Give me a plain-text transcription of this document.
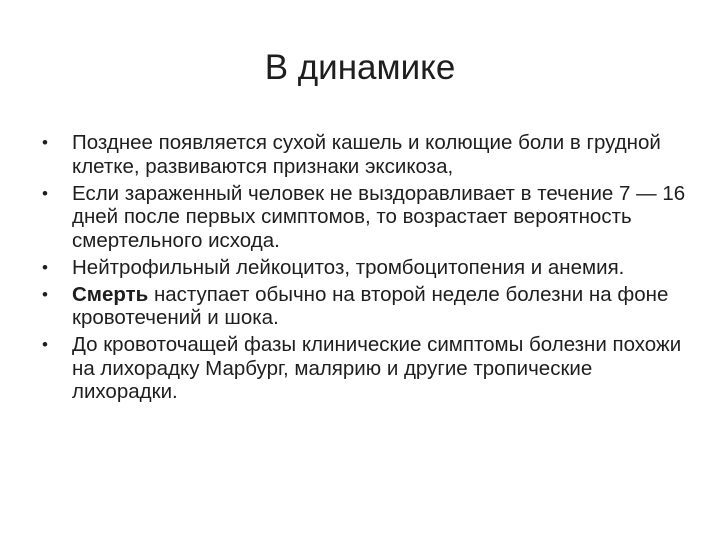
В динамике
•	Позднее появляется сухой кашель и колющие боли в грудной клетке, развиваются признаки эксикоза,
•	Если зараженный человек не выздоравливает в течение 7 — 16 дней после первых симптомов, то возрастает вероятность смертельного исхода.
•	Нейтрофильный лейкоцитоз, тромбоцитопения и анемия.
•	Смерть наступает обычно на второй неделе болезни на фоне кровотечений и шока.
•	До кровоточащей фазы клинические симптомы болезни похожи на лихорадку Марбург, малярию и другие тропические лихорадки.
